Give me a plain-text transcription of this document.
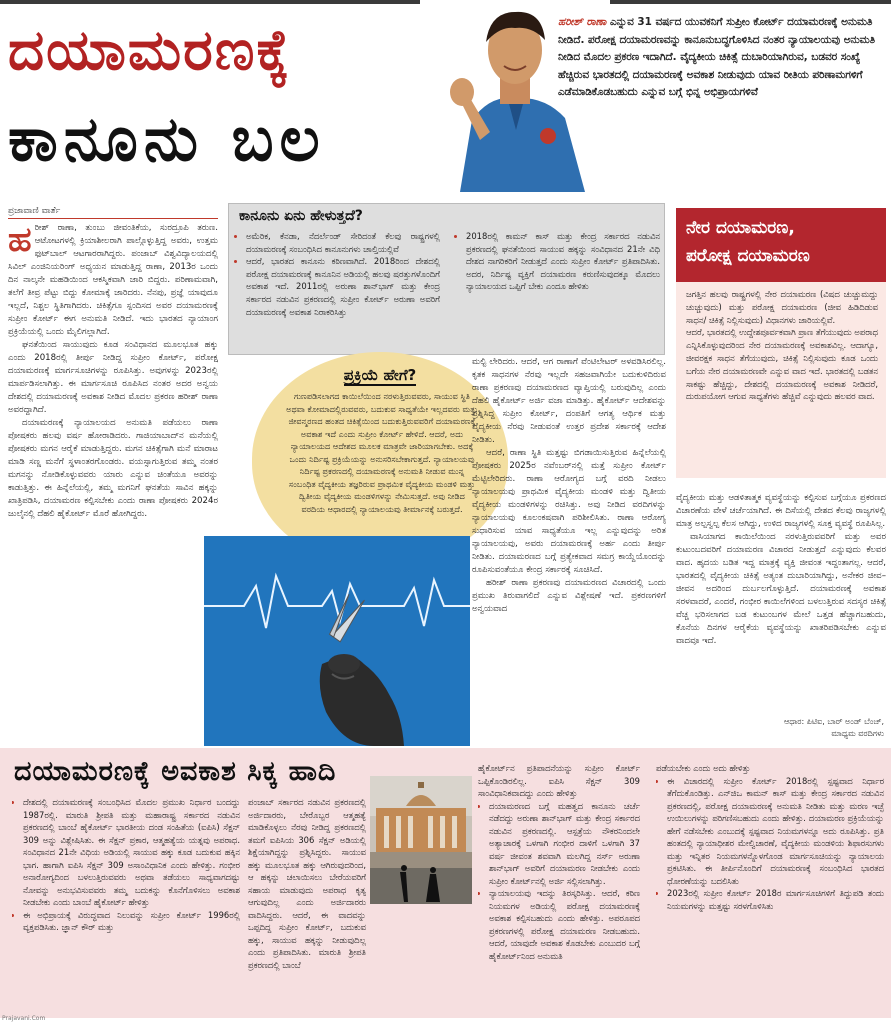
ದಯಾಮರಣಕ್ಕೆ
ಕಾನೂನು ಬಲ
ಹರೀಶ್‌ ರಾಣಾ ಎನ್ನುವ 31 ವರ್ಷದ ಯುವಕನಿಗೆ ಸುಪ್ರೀಂ ಕೋರ್ಟ್‌ ದಯಾಮರಣಕ್ಕೆ ಅನುಮತಿ ನೀಡಿದೆ. ಪರೋಕ್ಷ ದಯಾಮರಣವನ್ನು ಕಾನೂನುಬದ್ಧಗೊಳಿಸಿದ ನಂತರ ನ್ಯಾಯಾಲಯವು ಅನುಮತಿ ನೀಡಿದ ಮೊದಲ ಪ್ರಕರಣ ಇದಾಗಿದೆ. ವೈದ್ಯಕೀಯ ಚಿಕಿತ್ಸೆ ದುಬಾರಿಯಾಗಿರುವ, ಬಡವರ ಸಂಖ್ಯೆ ಹೆಚ್ಚಿರುವ ಭಾರತದಲ್ಲಿ ದಯಾಮರಣಕ್ಕೆ ಅವಕಾಶ ನೀಡುವುದು ಯಾವ ರೀತಿಯ ಪರಿಣಾಮಗಳಿಗೆ ಎಡೆಮಾಡಿಕೊಡಬಹುದು ಎನ್ನುವ ಬಗ್ಗೆ ಭಿನ್ನ ಅಭಿಪ್ರಾಯಗಳಿವೆ
ಪ್ರಜಾವಾಣಿ ವಾರ್ತೆ

ಹರೀಶ್‌ ರಾಣಾ, ತುಂಬು ಜೀವಂತಿಕೆಯ, ಸುರದ್ರೂಪಿ ತರುಣ. ಆಟೋಟಗಳಲ್ಲಿ ಕ್ರಿಯಾಶೀಲರಾಗಿ ಪಾಲ್ಗೊಳ್ಳುತ್ತಿದ್ದ ಅವರು, ಉತ್ತಮ ಫುಟ್‌ಬಾಲ್‌ ಆಟಗಾರರಾಗಿದ್ದರು. ಪಂಜಾಬ್‌ ವಿಶ್ವವಿದ್ಯಾಲಯದಲ್ಲಿ ಸಿವಿಲ್‌ ಎಂಜಿನಿಯರಿಂಗ್‌ ಅಧ್ಯಯನ ಮಾಡುತ್ತಿದ್ದ ರಾಣಾ, 2013ರ ಒಂದು ದಿನ ನಾಲ್ಕನೇ ಮಹಡಿಯಿಂದ ಆಕಸ್ಮಿಕವಾಗಿ ಜಾರಿ ಬಿದ್ದರು. ಪರಿಣಾಮವಾಗಿ, ತಲೆಗೆ ತೀವ್ರ ಪೆಟ್ಟು ಬಿದ್ದು ಕೋಮಾಕ್ಕೆ ಜಾರಿದರು. ನೆನಪು, ಪ್ರಜ್ಞೆ ಯಾವುದೂ ಇಲ್ಲದೆ, ನಿಶ್ಚಲ ಸ್ಥಿತಿಗಾಗಿದರು. ಚಿಕಿತ್ಸೆಗೂ ಸ್ಪಂದಿಸದ ಅವರ ದಯಾಮರಣಕ್ಕೆ ಸುಪ್ರೀಂ ಕೋರ್ಟ್‌ ಈಗ ಅನುಮತಿ ನೀಡಿದೆ. ಇದು ಭಾರತದ ನ್ಯಾಯಾಂಗ ಪ್ರಕ್ರಿಯೆಯಲ್ಲಿ ಒಂದು ಮೈಲಿಗಲ್ಲಾಗಿದೆ.

ಘನತೆಯಿಂದ ಸಾಯುವುದು ಕೂಡ ಸಂವಿಧಾನದ ಮೂಲಭೂತ ಹಕ್ಕು ಎಂದು 2018ರಲ್ಲಿ ತೀರ್ಪು ನೀಡಿದ್ದ ಸುಪ್ರೀಂ ಕೋರ್ಟ್‌, ಪರೋಕ್ಷ ದಯಾಮರಣಕ್ಕೆ ಮಾರ್ಗಸೂಚಿಗಳನ್ನು ರೂಪಿಸಿತ್ತು. ಅವುಗಳನ್ನು 2023ರಲ್ಲಿ ಮಾರ್ಪಡಿಸಲಾಗಿತ್ತು. ಈ ಮಾರ್ಗಸೂಚಿ ರೂಪಿಸಿದ ನಂತರ ಅದರ ಅನ್ವಯ ದೇಶದಲ್ಲಿ ದಯಾಮರಣಕ್ಕೆ ಅವಕಾಶ ನೀಡಿದ ಮೊದಲ ಪ್ರಕರಣ ಹರೀಶ್‌ ರಾಣಾ ಅವರದ್ದಾಗಿದೆ.

ದಯಾಮರಣಕ್ಕೆ ನ್ಯಾಯಾಲಯದ ಅನುಮತಿ ಪಡೆಯಲು ರಾಣಾ ಪೋಷಕರು ಹಲವು ವರ್ಷ ಹೋರಾಡಿದರು. ಗಾಜಿಯಾಬಾದ್‌ನ ಮನೆಯಲ್ಲಿ ಪೋಷಕರು ಮಗನ ಆರೈಕೆ ಮಾಡುತ್ತಿದ್ದರು. ಮಗನ ಚಿಕಿತ್ಸೆಗಾಗಿ ಮನೆ ಮಾರಾಟ ಮಾಡಿ ಸಣ್ಣ ಮನೆಗೆ ಸ್ಥಳಾಂತರಗೊಂಡರು. ವಯಸ್ಸಾಗುತ್ತಿರುವ ತಮ್ಮ ನಂತರ ಮಗನನ್ನು ನೋಡಿಕೊಳ್ಳುವವರು ಯಾರು ಎನ್ನುವ ಚಿಂತೆಯೂ ಅವರನ್ನು ಕಾಡುತ್ತಿತ್ತು. ಈ ಹಿನ್ನೆಲೆಯಲ್ಲಿ, ತಮ್ಮ ಮಗನಿಗೆ ಘನತೆಯ ಸಾವಿನ ಹಕ್ಕನ್ನು ಖಾತ್ರಿಪಡಿಸಿ, ದಯಾಮರಣ ಕಲ್ಪಿಸಬೇಕು ಎಂದು ರಾಣಾ ಪೋಷಕರು 2024ರ ಜುಲೈನಲ್ಲಿ ದೆಹಲಿ ಹೈಕೋರ್ಟ್‌ ಮೊರೆ ಹೋಗಿದ್ದರು.

ಕಾನೂನು ಏನು ಹೇಳುತ್ತದೆ?
• ಅಮೆರಿಕ, ಕೆನಡಾ, ನೆದರ್ಲೆಂಡ್‌ ಸೇರಿದಂತೆ ಕೆಲವು ರಾಷ್ಟ್ರಗಳಲ್ಲಿ ದಯಾಮರಣಕ್ಕೆ ಸಂಬಂಧಿಸಿದ ಕಾನೂನುಗಳು ಚಾಲ್ತಿಯಲ್ಲಿವೆ
• ಆದರೆ, ಭಾರತದ ಕಾನೂನು ಕಠಿಣವಾಗಿದೆ. 2018ರಿಂದ ದೇಶದಲ್ಲಿ ಪರೋಕ್ಷ ದಯಾಮರಣಕ್ಕೆ ಕಾನೂನಿನ ಅಡಿಯಲ್ಲಿ ಹಲವು ಷರತ್ತುಗಳೊಂದಿಗೆ ಅವಕಾಶ ಇದೆ. 2011ರಲ್ಲಿ ಅರುಣಾ ಶಾನ್‌ಭಾಗ್‌ ಮತ್ತು ಕೇಂದ್ರ ಸರ್ಕಾರದ ನಡುವಿನ ಪ್ರಕರಣದಲ್ಲಿ ಸುಪ್ರೀಂ ಕೋರ್ಟ್‌ ಅರುಣಾ ಅವರಿಗೆ ದಯಾಮರಣಕ್ಕೆ ಅವಕಾಶ ನಿರಾಕರಿಸಿತ್ತು
• 2018ರಲ್ಲಿ ಕಾಮನ್‌ ಕಾಸ್‌ ಮತ್ತು ಕೇಂದ್ರ ಸರ್ಕಾರದ ನಡುವಿನ ಪ್ರಕರಣದಲ್ಲಿ ಘನತೆಯಿಂದ ಸಾಯುವ ಹಕ್ಕನ್ನು ಸಂವಿಧಾನದ 21ನೇ ವಿಧಿ ದೇಶದ ನಾಗರಿಕರಿಗೆ ನೀಡುತ್ತದೆ ಎಂದು ಸುಪ್ರೀಂ ಕೋರ್ಟ್‌ ಪ್ರತಿಪಾದಿಸಿತು. ಅದರ, ನಿರ್ದಿಷ್ಟ ವ್ಯಕ್ತಿಗೆ ದಯಾಮರಣ ಕರುಣಿಸುವುದಕ್ಕೂ ಮೊದಲು ನ್ಯಾಯಾಲಯದ ಒಪ್ಪಿಗೆ ಬೇಕು ಎಂದೂ ಹೇಳಿತು
ಪ್ರಕ್ರಿಯೆ ಹೇಗೆ?

ಗುಣಪಡಿಸಲಾಗದ ಕಾಯಿಲೆಯಿಂದ ನರಳುತ್ತಿರುವವರು, ಸಾಯುವ ಸ್ಥಿತಿ ಅಥವಾ ಕೋಮಾದಲ್ಲಿರುವವರು, ಬದುಕುವ ಸಾಧ್ಯತೆಯೇ ಇಲ್ಲದವರು ಮತ್ತು ಜೀವನ್ಮರಣದ ಹಂತದ ಚಿಕಿತ್ಸೆಯಿಂದ ಬದುಕುತ್ತಿರುವವರಿಗೆ ದಯಾಮರಣಕ್ಕೆ ಅವಕಾಶ ಇದೆ ಎಂದು ಸುಪ್ರೀಂ ಕೋರ್ಟ್‌ ಹೇಳಿದೆ. ಆದರೆ, ಅದು ನ್ಯಾಯಾಲಯದ ಆದೇಶದ ಮೂಲಕ ಮಾತ್ರವೇ ಜಾರಿಯಾಗಬೇಕು. ಅದಕ್ಕೆ ಒಂದು ನಿರ್ದಿಷ್ಟ ಪ್ರಕ್ರಿಯೆಯನ್ನು ಅನುಸರಿಸಬೇಕಾಗುತ್ತದೆ. ನ್ಯಾಯಾಲಯವು ನಿರ್ದಿಷ್ಟ ಪ್ರಕರಣದಲ್ಲಿ ದಯಾಮರಣಕ್ಕೆ ಅನುಮತಿ ನೀಡುವ ಮುನ್ನ ಸಂಬಂಧಿತ ವೈದ್ಯಕೀಯ ತಜ್ಞರಿರುವ ಪ್ರಾಥಮಿಕ ವೈದ್ಯಕೀಯ ಮಂಡಳಿ ಮತ್ತು ದ್ವಿತೀಯ ವೈದ್ಯಕೀಯ ಮಂಡಳಿಗಳನ್ನು ನೇಮಿಸುತ್ತದೆ. ಅವು ನೀಡಿದ ವರದಿಯ ಆಧಾರದಲ್ಲಿ ನ್ಯಾಯಾಲಯವು ತೀರ್ಮಾನಕ್ಕೆ ಬರುತ್ತದೆ.

ಮಲ್ಟಿ ಲೇರಿದರು. ಆದರೆ, ಆಗ ರಾಣಾಗೆ ವೆಂಟಿಲೇಟರ್‌ ಅಳವಡಿಸಿರಲಿಲ್ಲ. ಕೃತಕ ಸಾಧನಗಳ ನೆರವು ಇಲ್ಲದೇ ಸಹಜವಾಗಿಯೇ ಬದುಕುಳಿದಿರುವ ರಾಣಾ ಪ್ರಕರಣವು ದಯಾಮರಣದ ವ್ಯಾಪ್ತಿಯಲ್ಲಿ ಬರುವುದಿಲ್ಲ ಎಂದು ದೆಹಲಿ ಹೈಕೋರ್ಟ್‌ ಅರ್ಜಿ ವಜಾ ಮಾಡಿತ್ತು. ಹೈಕೋರ್ಟ್‌ ಆದೇಶವನ್ನು ಪ್ರಶ್ನಿಸಿದ್ದ ಸುಪ್ರೀಂ ಕೋರ್ಟ್‌, ದಂಪತಿಗೆ ಆಗತ್ಯ ಆರ್ಥಿಕ ಮತ್ತು ವೈದ್ಯಕೀಯ ನೆರವು ನೀಡುವಂತೆ ಉತ್ತರ ಪ್ರದೇಶ ಸರ್ಕಾರಕ್ಕೆ ಆದೇಶ ನೀಡಿತು.

ಆದರೆ, ರಾಣಾ ಸ್ಥಿತಿ ಮತ್ತಷ್ಟು ಬಿಗಡಾಯಿಸುತ್ತಿರುವ ಹಿನ್ನೆಲೆಯಲ್ಲಿ ಪೋಷಕರು 2025ರ ನವೆಂಬರ್‌ನಲ್ಲಿ ಮತ್ತೆ ಸುಪ್ರೀಂ ಕೋರ್ಟ್‌ ಮೆಟ್ಟಿಲೇರಿದರು. ರಾಣಾ ಆರೋಗ್ಯದ ಬಗ್ಗೆ ವರದಿ ನೀಡಲು ನ್ಯಾಯಾಲಯವು ಪ್ರಾಥಮಿಕ ವೈದ್ಯಕೀಯ ಮಂಡಳಿ ಮತ್ತು ದ್ವಿತೀಯ ವೈದ್ಯಕೀಯ ಮಂಡಳಿಗಳನ್ನು ರಚಿಸಿತ್ತು. ಅವು ನೀಡಿದ ವರದಿಗಳನ್ನು ನ್ಯಾಯಾಲಯವು ಕೂಲಂಕಷವಾಗಿ ಪರಿಶೀಲಿಸಿತು. ರಾಣಾ ಆರೋಗ್ಯ ಸುಧಾರಿಸುವ ಯಾವ ಸಾಧ್ಯತೆಯೂ ಇಲ್ಲ ಎನ್ನುವುದನ್ನು ಅರಿತ ನ್ಯಾಯಾಲಯವು, ಅವರು ದಯಾಮರಣಕ್ಕೆ ಅರ್ಹ ಎಂದು ತೀರ್ಪು ನೀಡಿತು. ದಯಾಮರಣದ ಬಗ್ಗೆ ಪ್ರತ್ಯೇಕವಾದ ಸಮಗ್ರ ಕಾಯ್ದೆಯೊಂದನ್ನು ರೂಪಿಸುವಂತೆಯೂ ಕೇಂದ್ರ ಸರ್ಕಾರಕ್ಕೆ ಸೂಚಿಸಿದೆ.

ಹರೀಶ್‌ ರಾಣಾ ಪ್ರಕರಣವು ದಯಾಮರಣದ ವಿಚಾರದಲ್ಲಿ ಒಂದು ಪ್ರಮುಖ ತಿರುವಾಗಲಿದೆ ಎನ್ನುವ ವಿಶ್ಲೇಷಣೆ ಇದೆ. ಪ್ರಕರಣಗಳಿಗೆ ಅನ್ವಯವಾದ

ನೇರ ದಯಾಮರಣ,
ಪರೋಕ್ಷ ದಯಾಮರಣ

ಜಗತ್ತಿನ ಹಲವು ರಾಷ್ಟ್ರಗಳಲ್ಲಿ ನೇರ ದಯಾಮರಣ (ವಿಷದ ಚುಚ್ಚುಮದ್ದು ಚುಚ್ಚುವುದು) ಮತ್ತು ಪರೋಕ್ಷ ದಯಾಮರಣ (ಜೀವ ಹಿಡಿದಿಡುವ ಸಾಧನ/ ಚಿಕಿತ್ಸೆ ನಿಲ್ಲಿಸುವುದು) ವಿಧಾನಗಳು ಜಾರಿಯಲ್ಲಿವೆ.

ಆದರೆ, ಭಾರತದಲ್ಲಿ ಉದ್ದೇಶಪೂರ್ವಕವಾಗಿ ಪ್ರಾಣ ತೆಗೆಯುವುದು ಅಪರಾಧ ಎನ್ನಿಸಿಕೊಳ್ಳುವುದರಿಂದ ನೇರ ದಯಾಮರಣಕ್ಕೆ ಅವಕಾಶವಿಲ್ಲ. ಆದಾಗ್ಯೂ, ಜೀವರಕ್ಷಕ ಸಾಧನ ತೆಗೆಯುವುದು, ಚಿಕಿತ್ಸೆ ನಿಲ್ಲಿಸುವುದು ಕೂಡ ಒಂದು ಬಗೆಯ ನೇರ ದಯಾಮರಣವೇ ಎನ್ನುವ ವಾದ ಇದೆ. ಭಾರತದಲ್ಲಿ ಬಡತನ ಸಾಕಷ್ಟು ಹೆಚ್ಚಿದ್ದು, ದೇಶದಲ್ಲಿ ದಯಾಮರಣಕ್ಕೆ ಅವಕಾಶ ನೀಡಿದರೆ, ದುರುಪಯೋಗ ಆಗುವ ಸಾಧ್ಯತೆಗಳು ಹೆಚ್ಚಿವೆ ಎನ್ನುವುದು ಹಲವರ ವಾದ.

ವೈದ್ಯಕೀಯ ಮತ್ತು ಆಡಳಿತಾತ್ಮಕ ವ್ಯವಸ್ಥೆಯನ್ನು ಕಲ್ಪಿಸುವ ಬಗ್ಗೆಯೂ ಪ್ರಕರಣದ ವಿಚಾರಣೆಯ ವೇಳೆ ಚರ್ಚೆಯಾಗಿದೆ. ಈ ದಿಸೆಯಲ್ಲಿ ದೇಶದ ಕೆಲವು ರಾಜ್ಯಗಳಲ್ಲಿ ಮಾತ್ರ ಅಲ್ಪಸ್ವಲ್ಪ ಕೆಲಸ ಆಗಿದ್ದು, ಉಳಿದ ರಾಜ್ಯಗಳಲ್ಲಿ ಸೂಕ್ತ ವ್ಯವಸ್ಥೆ ರೂಪಿಸಿಲ್ಲ.

ವಾಸಿಯಾಗದ ಕಾಯಿಲೆಯಿಂದ ನರಳುತ್ತಿರುವವರಿಗೆ ಮತ್ತು ಅವರ ಕುಟುಂಬದವರಿಗೆ ದಯಾಮರಣ ವಿಚಾರದ ನೀಡುತ್ತದೆ ಎನ್ನುವುದು ಕೆಲವರ ವಾದ. ಹೃದಯ ಬಡಿತ ಇದ್ದ ಮಾತ್ರಕ್ಕೆ ವ್ಯಕ್ತಿ ಜೀವಂತ ಇದ್ದಂತಾಗಲ್ಲ. ಆದರೆ, ಭಾರತದಲ್ಲಿ ವೈದ್ಯಕೀಯ ಚಿಕಿತ್ಸೆ ಅತ್ಯಂತ ದುಬಾರಿಯಾಗಿದ್ದು, ಅನೇಕರ ಜೀವ–ಜೀವನ ಅದರಿಂದ ದುರ್ಬಲಗೊಳ್ಳುತ್ತಿದೆ. ದಯಾಮರಣಕ್ಕೆ ಅವಕಾಶ ಸರಳವಾದರೆ, ಎಂದರೆ, ಗಂಭೀರ ಕಾಯಿಲೆಗಳಿಂದ ಬಳಲುತ್ತಿರುವ ಸದಸ್ಯರ ಚಿಕಿತ್ಸೆ ವೆಚ್ಚ ಭರಿಸಲಾಗದ ಬಡ ಕುಟುಂಬಗಳ ಮೇಲೆ ಒತ್ತಡ ಹೆಚ್ಚಾಗಬಹುದು, ಕೊನೆಯ ದಿನಗಳ ಆರೈಕೆಯ ವ್ಯವಸ್ಥೆಯನ್ನು ಖಾತರಿಪಡಿಸಬೇಕು ಎನ್ನುವ ವಾದವೂ ಇದೆ.

ಆಧಾರ: ಪಿಟಿಐ, ಬಾರ್‌ ಅಂಡ್‌ ಬೆಂಚ್‌,
ಮಾಧ್ಯಮ ವರದಿಗಳು
ದಯಾಮರಣಕ್ಕೆ ಅವಕಾಶ ಸಿಕ್ಕ ಹಾದಿ
• ದೇಶದಲ್ಲಿ ದಯಾಮರಣಕ್ಕೆ ಸಂಬಂಧಿಸಿದ ಮೊದಲ ಪ್ರಮುಖ ನಿರ್ಧಾರ ಬಂದದ್ದು 1987ರಲ್ಲಿ. ಮಾರುತಿ ಶ್ರೀಪತಿ ಮತ್ತು ಮಹಾರಾಷ್ಟ್ರ ಸರ್ಕಾರದ ನಡುವಿನ ಪ್ರಕರಣದಲ್ಲಿ ಬಾಂಬೆ ಹೈಕೋರ್ಟ್‌ ಭಾರತೀಯ ದಂಡ ಸಂಹಿತೆಯ (ಐಪಿಸಿ) ಸೆಕ್ಷನ್‌ 309 ಅನ್ನು ವಿಶ್ಲೇಷಿಸಿತು. ಈ ಸೆಕ್ಷನ್‌ ಪ್ರಕಾರ, ಆತ್ಮಹತ್ಯೆಯ ಯತ್ನವು ಅಪರಾಧ. ಸಂವಿಧಾನದ 21ನೇ ವಿಧಿಯ ಅಡಿಯಲ್ಲಿ ಸಾಯುವ ಹಕ್ಕು ಕೂಡ ಬದುಕುವ ಹಕ್ಕಿನ ಭಾಗ. ಹಾಗಾಗಿ ಐಪಿಸಿ ಸೆಕ್ಷನ್‌ 309 ಅಸಾಂವಿಧಾನಿಕ ಎಂದು ಹೇಳಿತ್ತು. ಗಂಭೀರ ಅನಾರೋಗ್ಯದಿಂದ ಬಳಲುತ್ತಿರುವವರು ಅಥವಾ ತಡೆಯಲು ಸಾಧ್ಯವಾಗದಷ್ಟು ನೋವನ್ನು ಅನುಭವಿಸುವವರು ತಮ್ಮ ಬದುಕನ್ನು ಕೊನೆಗೊಳಿಸಲು ಅವಕಾಶ ನೀಡಬೇಕು ಎಂದು ಬಾಂಬೆ ಹೈಕೋರ್ಟ್‌ ಹೇಳಿತ್ತು
• ಈ ಅಭಿಪ್ರಾಯಕ್ಕೆ ವಿರುದ್ಧವಾದ ನಿಲುವನ್ನು ಸುಪ್ರೀಂ ಕೋರ್ಟ್‌ 1996ರಲ್ಲಿ ವ್ಯಕ್ತಪಡಿಸಿತು. ಜ್ಞಾನ್‌ ಕೌರ್‌ ಮತ್ತು

ಪಂಜಾಬ್‌ ಸರ್ಕಾರದ ನಡುವಿನ ಪ್ರಕರಣದಲ್ಲಿ ಅರ್ಜಿದಾರರು, ಬೇರೊಬ್ಬರ ಆತ್ಮಹತ್ಯೆ ಮಾಡಿಕೊಳ್ಳಲು ನೆರವು ನೀಡಿದ್ದ ಪ್ರಕರಣದಲ್ಲಿ ತಮಗೆ ಐಪಿಸಿಯ 306 ಸೆಕ್ಷನ್‌ ಅಡಿಯಲ್ಲಿ ಶಿಕ್ಷೆಯಾಗಿದ್ದನ್ನು ಪ್ರಶ್ನಿಸಿದ್ದರು. ಸಾಯುವ ಹಕ್ಕು ಮೂಲಭೂತ ಹಕ್ಕು ಆಗಿರುವುದರಿಂದ, ಆ ಹಕ್ಕನ್ನು ಚಲಾಯಿಸಲು ಬೇರೆಯವರಿಗೆ ಸಹಾಯ ಮಾಡುವುದು ಅಪರಾಧ ಕೃತ್ಯ ಆಗುವುದಿಲ್ಲ ಎಂದು ಅರ್ಜಿದಾರರು ವಾದಿಸಿದ್ದರು. ಆದರೆ, ಈ ವಾದವನ್ನು ಒಪ್ಪದಿದ್ದ ಸುಪ್ರೀಂ ಕೋರ್ಟ್‌, ಬದುಕುವ ಹಕ್ಕು, ಸಾಯುವ ಹಕ್ಕನ್ನು ನೀಡುವುದಿಲ್ಲ ಎಂದು ಪ್ರತಿಪಾದಿಸಿತು. ಮಾರುತಿ ಶ್ರೀಪತಿ ಪ್ರಕರಣದಲ್ಲಿ ಬಾಂಬೆ

ಹೈಕೋರ್ಟ್‌ನ ಪ್ರತಿಪಾದನೆಯನ್ನು ಸುಪ್ರೀಂ ಕೋರ್ಟ್‌ ಒಪ್ಪಿಕೊಂಡಿರಲಿಲ್ಲ. ಐಪಿಸಿ ಸೆಕ್ಷನ್‌ 309 ಸಾಂವಿಧಾನಿಕವಾದದ್ದು ಎಂದು ಹೇಳಿತ್ತು

• ದಯಾಮರಣದ ಬಗ್ಗೆ ಮಹತ್ವದ ಕಾನೂನು ಚರ್ಚೆ ನಡೆದದ್ದು ಅರುಣಾ ಶಾನ್‌ಭಾಗ್‌ ಮತ್ತು ಕೇಂದ್ರ ಸರ್ಕಾರದ ನಡುವಿನ ಪ್ರಕರಣದಲ್ಲಿ. ಆಸ್ಪತ್ರೆಯ ನೌಕರನಿಂದಲೇ ಅತ್ಯಾಚಾರಕ್ಕೆ ಒಳಗಾಗಿ ಗಂಭೀರ ದಾಳಿಗೆ ಒಳಗಾಗಿ 37 ವರ್ಷ ಜೀವಂತ ಶವವಾಗಿ ಮಲಗಿದ್ದ ನರ್ಸ್‌ ಅರುಣಾ ಶಾನ್‌ಭಾಗ್‌ ಅವರಿಗೆ ದಯಾಮರಣ ನೀಡಬೇಕು ಎಂದು ಸುಪ್ರೀಂ ಕೋರ್ಟ್‌ನಲ್ಲಿ ಅರ್ಜಿ ಸಲ್ಲಿಸಲಾಗಿತ್ತು.
• ನ್ಯಾಯಾಲಯವು ಇದನ್ನು ತಿರಸ್ಕರಿಸಿತ್ತು. ಆದರೆ, ಕಠಿಣ ನಿಯಮಗಳ ಅಡಿಯಲ್ಲಿ ಪರೋಕ್ಷ ದಯಾಮರಣಕ್ಕೆ ಅವಕಾಶ ಕಲ್ಪಿಸಬಹುದು ಎಂದು ಹೇಳಿತ್ತು. ಅಪರೂಪದ ಪ್ರಕರಣಗಳಲ್ಲಿ ಪರೋಕ್ಷ ದಯಾಮರಣ ನೀಡಬಹುದು. ಆದರೆ, ಯಾವುದೇ ಅವಕಾಶ ಕೊಡಬೇಕು ಎಂಬುದರ ಬಗ್ಗೆ ಹೈಕೋರ್ಟ್‌ನಿಂದ ಅನುಮತಿ

ಪಡೆಯಬೇಕು ಎಂದು ಅದು ಹೇಳಿತ್ತು

• ಈ ವಿಚಾರದಲ್ಲಿ ಸುಪ್ರೀಂ ಕೋರ್ಟ್‌ 2018ರಲ್ಲಿ ಸ್ಪಷ್ಟವಾದ ನಿರ್ಧಾರ ತೆಗೆದುಕೊಂಡಿತ್ತು. ಎನ್‌ಜಿಒ ಕಾಮನ್‌ ಕಾಸ್‌ ಮತ್ತು ಕೇಂದ್ರ ಸರ್ಕಾರದ ನಡುವಿನ ಪ್ರಕರಣದಲ್ಲಿ, ಪರೋಕ್ಷ ದಯಾಮರಣಕ್ಕೆ ಅನುಮತಿ ನೀಡಿತು ಮತ್ತು ಮರಣ ಇಚ್ಛೆ ಉಯಿಲುಗಳನ್ನು ಪರಿಗಣಿಸಬಹುದು ಎಂದು ಹೇಳಿತ್ತು. ದಯಾಮರಣ ಪ್ರಕ್ರಿಯೆಯನ್ನು ಹೇಗೆ ನಡೆಸಬೇಕು ಎಂಬುದಕ್ಕೆ ಸ್ಪಷ್ಟವಾದ ನಿಯಮಗಳನ್ನೂ ಅದು ರೂಪಿಸಿತ್ತು. ಪ್ರತಿ ಹಂತದಲ್ಲಿ ನ್ಯಾಯಾಧೀಶರ ಮೇಲ್ವಿಚಾರಣೆ, ವೈದ್ಯಕೀಯ ಮಂಡಳಿಯ ಶಿಫಾರಸುಗಳು ಮತ್ತು ಇನ್ನಿತರ ನಿಯಮಗಳನ್ನೊಳಗೊಂಡ ಮಾರ್ಗಸೂಚಿಯನ್ನು ನ್ಯಾಯಾಲಯ ಪ್ರಕಟಿಸಿತು. ಈ ತೀರ್ಪಿನೊಂದಿಗೆ ದಯಾಮರಣಕ್ಕೆ ಸಂಬಂಧಿಸಿದ ಭಾರತದ ಧೋರಣೆಯನ್ನು ಬದಲಿಸಿತು
• 2023ರಲ್ಲಿ ಸುಪ್ರೀಂ ಕೋರ್ಟ್‌ 2018ರ ಮಾರ್ಗಸೂಚಿಗಳಿಗೆ ತಿದ್ದುಪಡಿ ತಂದು ನಿಯಮಗಳನ್ನು ಮತ್ತಷ್ಟು ಸರಳಗೊಳಿಸಿತು
Prajavani.Com
